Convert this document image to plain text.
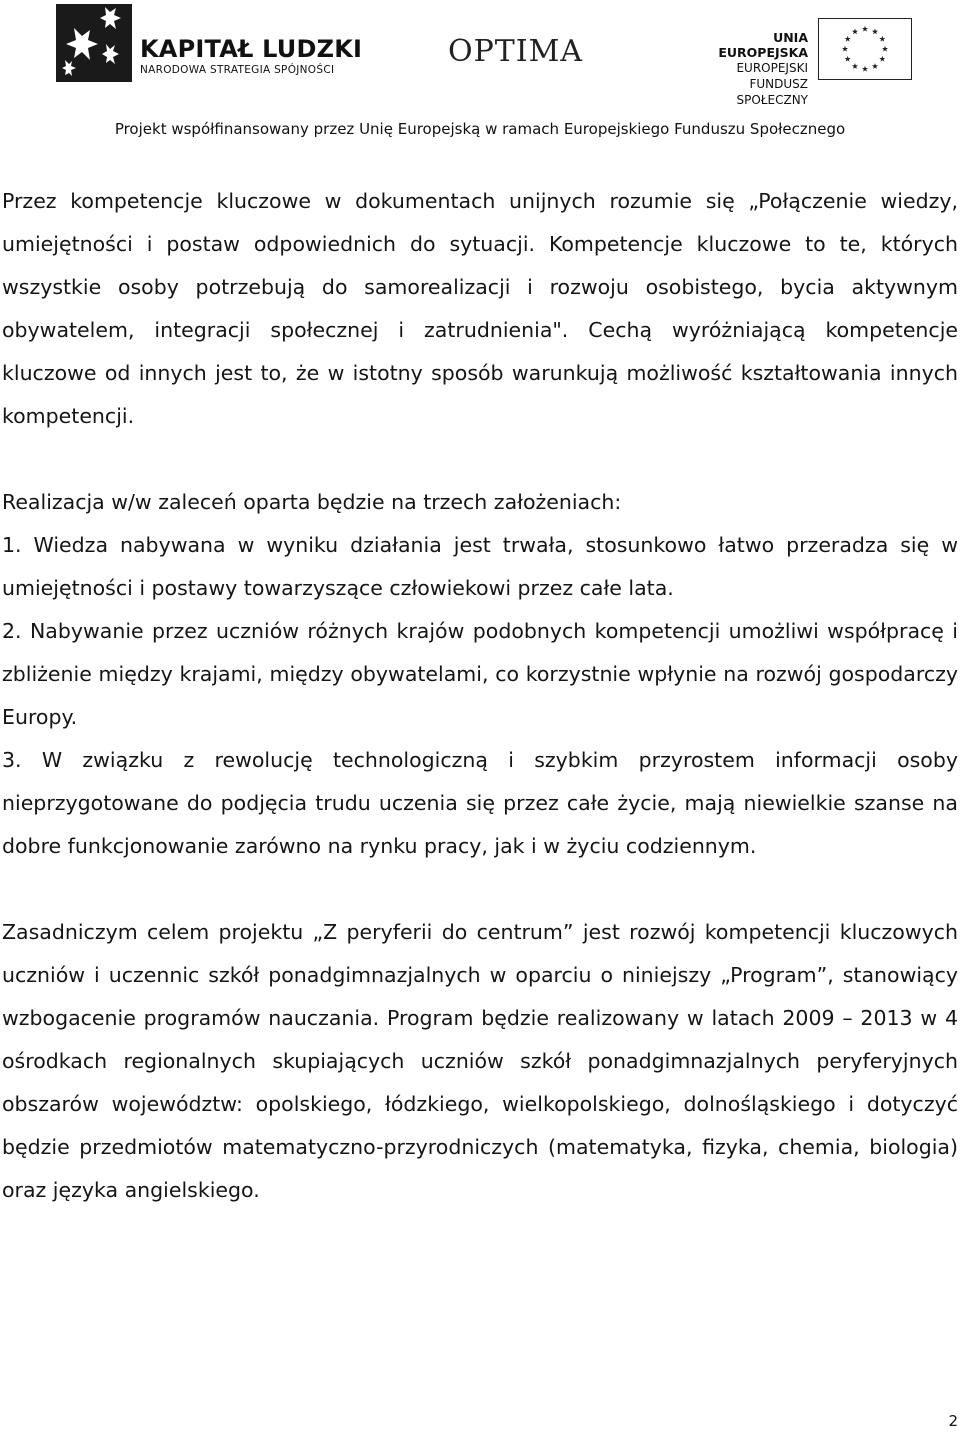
KAPITAŁ LUDZKI
NARODOWA STRATEGIA SPÓJNOŚCI
OPTIMA	UNIA EUROPEJSKA
EUROPEJSKI
FUNDUSZ SPOŁECZNY
Projekt współfinansowany przez Unię Europejską w ramach Europejskiego Funduszu Społecznego

Przez kompetencje kluczowe w dokumentach unijnych rozumie się „Połączenie wiedzy, umiejętności i postaw odpowiednich do sytuacji. Kompetencje kluczowe to te, których wszystkie osoby potrzebują do samorealizacji i rozwoju osobistego, bycia aktywnym obywatelem, integracji społecznej i zatrudnienia". Cechą wyróżniającą kompetencje kluczowe od innych jest to, że w istotny sposób warunkują możliwość kształtowania innych kompetencji.

Realizacja w/w zaleceń oparta będzie na trzech założeniach:

1. Wiedza nabywana w wyniku działania jest trwała, stosunkowo łatwo przeradza się w umiejętności i postawy towarzyszące człowiekowi przez całe lata.

2. Nabywanie przez uczniów różnych krajów podobnych kompetencji umożliwi współpracę i zbliżenie między krajami, między obywatelami, co korzystnie wpłynie na rozwój gospodarczy Europy.

3. W związku z rewolucję technologiczną i szybkim przyrostem informacji osoby nieprzygotowane do podjęcia trudu uczenia się przez całe życie, mają niewielkie szanse na dobre funkcjonowanie zarówno na rynku pracy, jak i w życiu codziennym.

Zasadniczym celem projektu „Z peryferii do centrum” jest rozwój kompetencji kluczowych uczniów i uczennic szkół ponadgimnazjalnych w oparciu o niniejszy „Program”, stanowiący wzbogacenie programów nauczania. Program będzie realizowany w latach 2009 – 2013 w 4 ośrodkach regionalnych skupiających uczniów szkół ponadgimnazjalnych peryferyjnych obszarów województw: opolskiego, łódzkiego, wielkopolskiego, dolnośląskiego i dotyczyć będzie przedmiotów matematyczno-przyrodniczych (matematyka, fizyka, chemia, biologia) oraz języka angielskiego.

2
